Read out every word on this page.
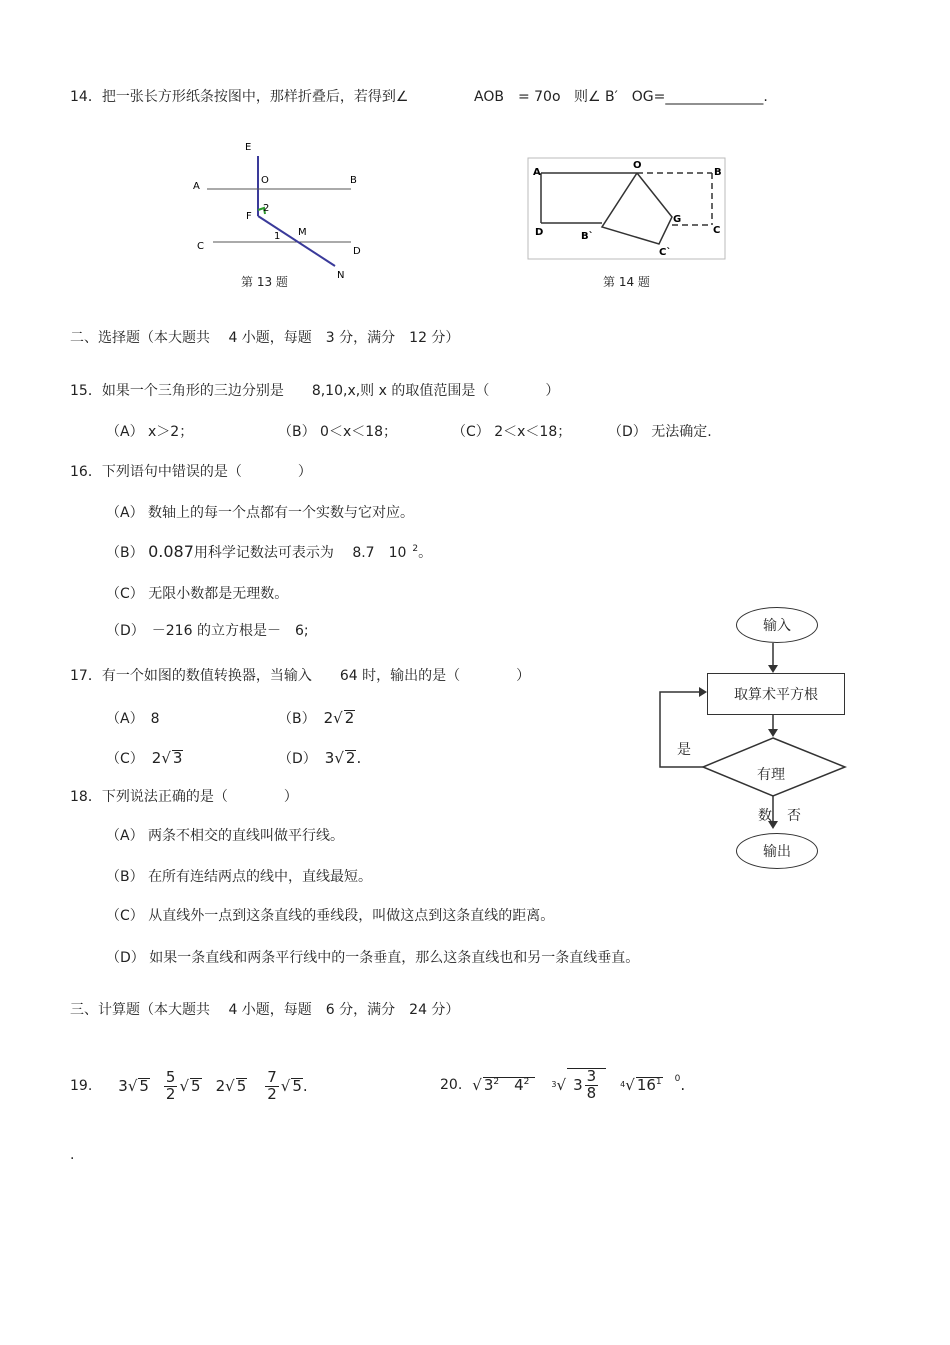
14．把一张长方形纸条按图中，那样折叠后，若得到∠	AOB　 = 70o 则∠ B′　OG=______________.
E
O
A
B
F
2
1 M
C	D
N
第 13 题
A
O
B
D
G
C
B`
C`
第 14 题
二、选择题（本大题共　 4 小题，每题　3 分，满分　12 分）
15．如果一个三角形的三边分别是　　8,10,x,则 x 的取值范围是（　　　　）
（A） x＞2；	（B） 0＜x＜18；	（C） 2＜x＜18；	（D） 无法确定.
16．下列语句中错误的是（　　　　）
（A） 数轴上的每一个点都有一个实数与它对应。
（B） 0.087用科学记数法可表示为 8.7　10 $^2$。
（C） 无限小数都是无理数。
（D）　－216 的立方根是－　6;
17．有一个如图的数值转换器，当输入　　64 时，输出的是（　　　　）
（A）　 8	（B）　 2√ 2
（C）　 2√ 3	（D）　 3√ 2.
输入
取算术平方根
有理
是
数 否
输出
18．下列说法正确的是（　　　　）
（A） 两条不相交的直线叫做平行线。
（B） 在所有连结两点的线中，直线最短。
（C） 从直线外一点到这条直线的垂线段，叫做这点到这条直线的距离。
（D） 如果一条直线和两条平行线中的一条垂直，那么这条直线也和另一条直线垂直。
三、计算题（本大题共　 4 小题，每题　6 分，满分　24 分）
19. 3 √ $5 \frac{5}{2}$ √ 5 2 √ $5 \frac{7}{2}$ √ 5 .	20. √ $3^2$　 $4^2$	3 √ $3 \frac{3}{8}$	4 √ $16^1$ $^0$ .
.
